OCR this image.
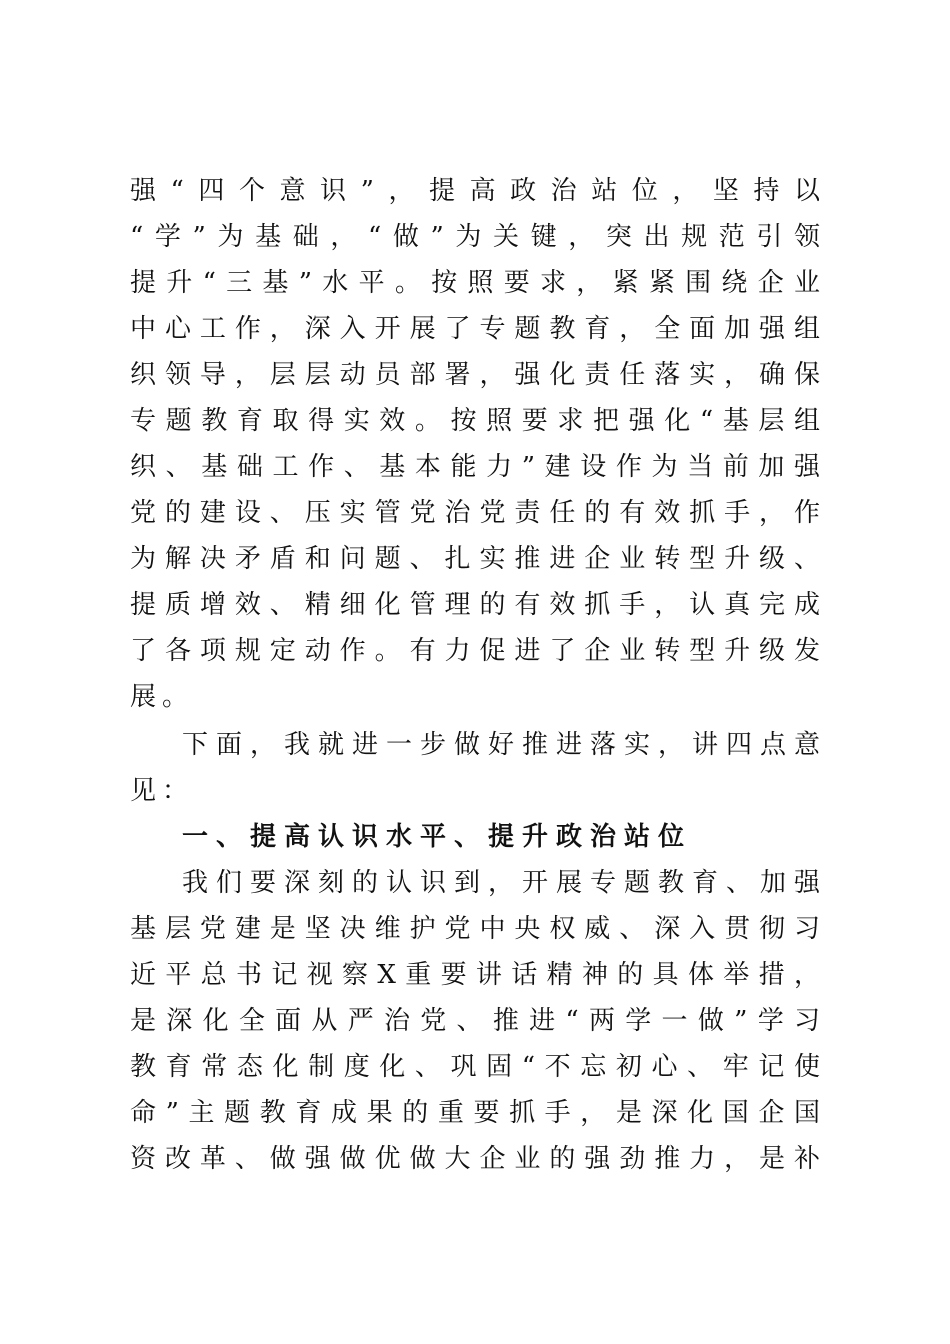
强“四个意识”，提高政治站位，坚持以
“学”为基础，“做”为关键，突出规范引领
提升“三基”水平。按照要求，紧紧围绕企业
中心工作，深入开展了专题教育，全面加强组
织领导，层层动员部署，强化责任落实，确保
专题教育取得实效。按照要求把强化“基层组
织、基础工作、基本能力”建设作为当前加强
党的建设、压实管党治党责任的有效抓手，作
为解决矛盾和问题、扎实推进企业转型升级、
提质增效、精细化管理的有效抓手，认真完成
了各项规定动作。有力促进了企业转型升级发
展。
下面，我就进一步做好推进落实，讲四点意
见：
一、提高认识水平、提升政治站位
我们要深刻的认识到，开展专题教育、加强
基层党建是坚决维护党中央权威、深入贯彻习
近平总书记视察X重要讲话精神的具体举措，
是深化全面从严治党、推进“两学一做”学习
教育常态化制度化、巩固“不忘初心、牢记使
命”主题教育成果的重要抓手，是深化国企国
资改革、做强做优做大企业的强劲推力，是补
